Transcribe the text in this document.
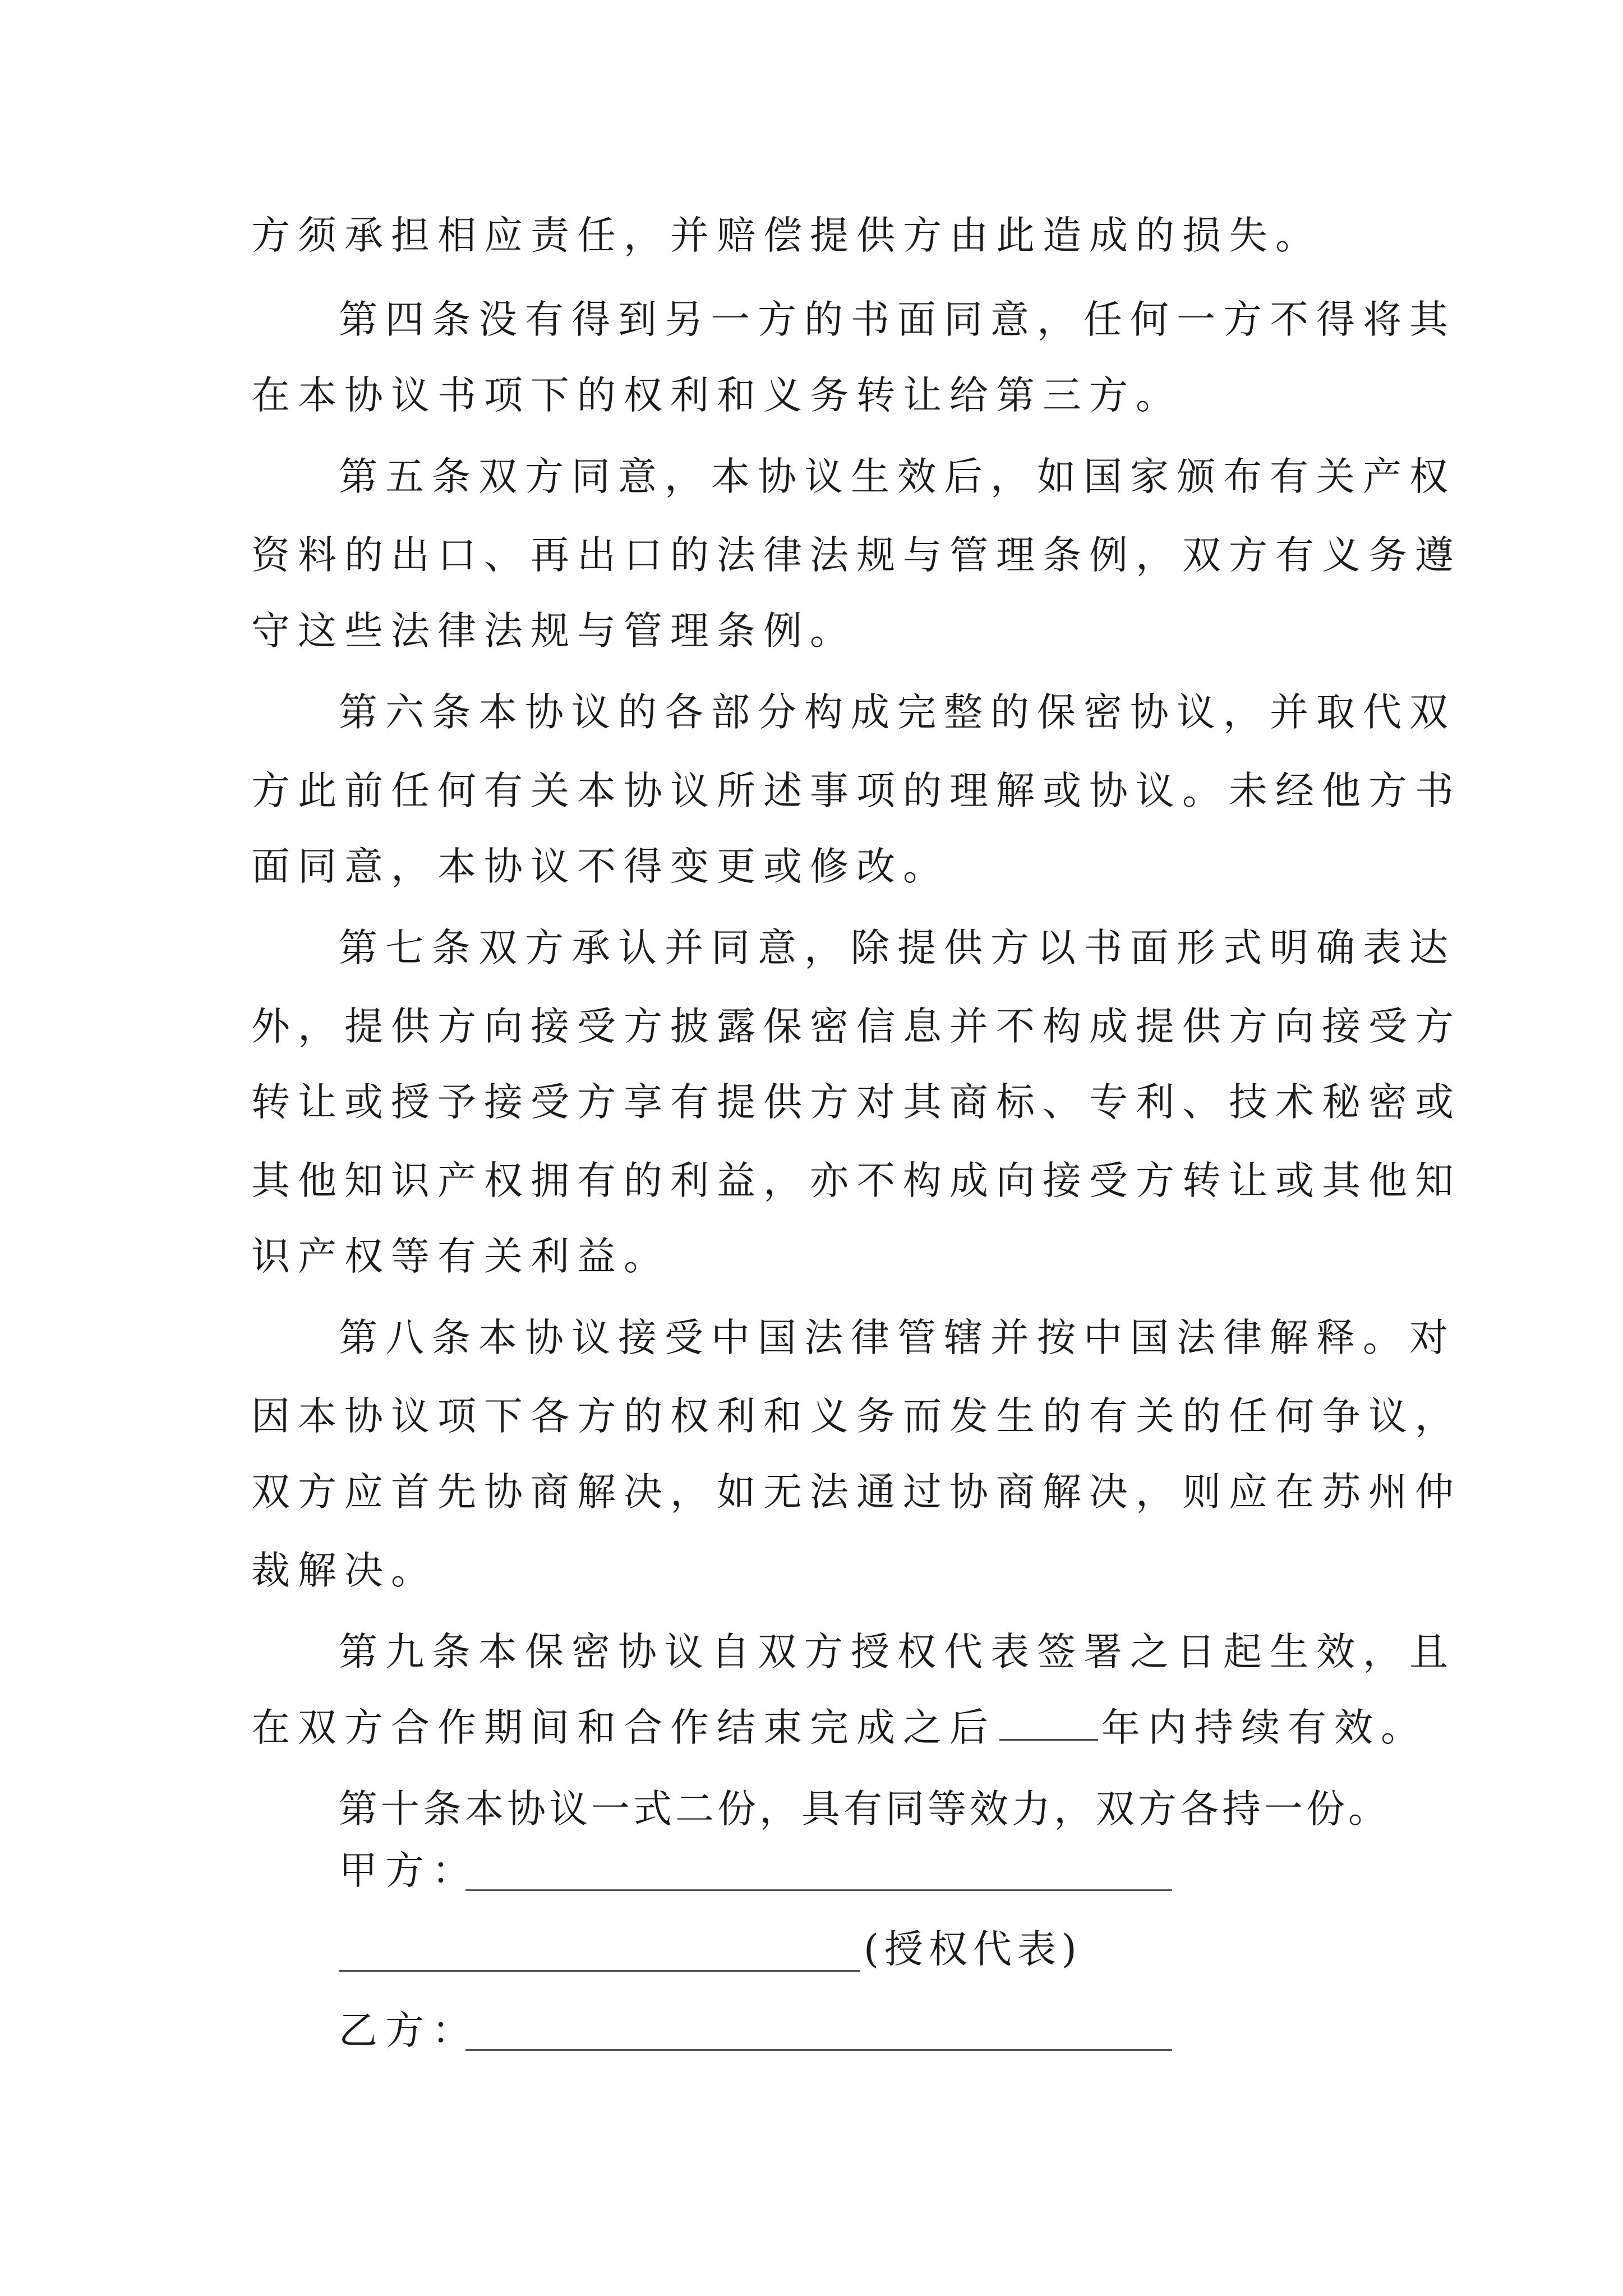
方须承担相应责任，并赔偿提供方由此造成的损失。
第四条没有得到另一方的书面同意，任何一方不得将其
在本协议书项下的权利和义务转让给第三方。
第五条双方同意，本协议生效后，如国家颁布有关产权
资料的出口、再出口的法律法规与管理条例，双方有义务遵
守这些法律法规与管理条例。
第六条本协议的各部分构成完整的保密协议，并取代双
方此前任何有关本协议所述事项的理解或协议。未经他方书
面同意，本协议不得变更或修改。
第七条双方承认并同意，除提供方以书面形式明确表达
外，提供方向接受方披露保密信息并不构成提供方向接受方
转让或授予接受方享有提供方对其商标、专利、技术秘密或
其他知识产权拥有的利益，亦不构成向接受方转让或其他知
识产权等有关利益。
第八条本协议接受中国法律管辖并按中国法律解释。对
因本协议项下各方的权利和义务而发生的有关的任何争议，
双方应首先协商解决，如无法通过协商解决，则应在苏州仲
裁解决。
第九条本保密协议自双方授权代表签署之日起生效，且
在双方合作期间和合作结束完成之后	年内持续有效。
第十条本协议一式二份，具有同等效力，双方各持一份。
甲方：
(授权代表)
乙方：
